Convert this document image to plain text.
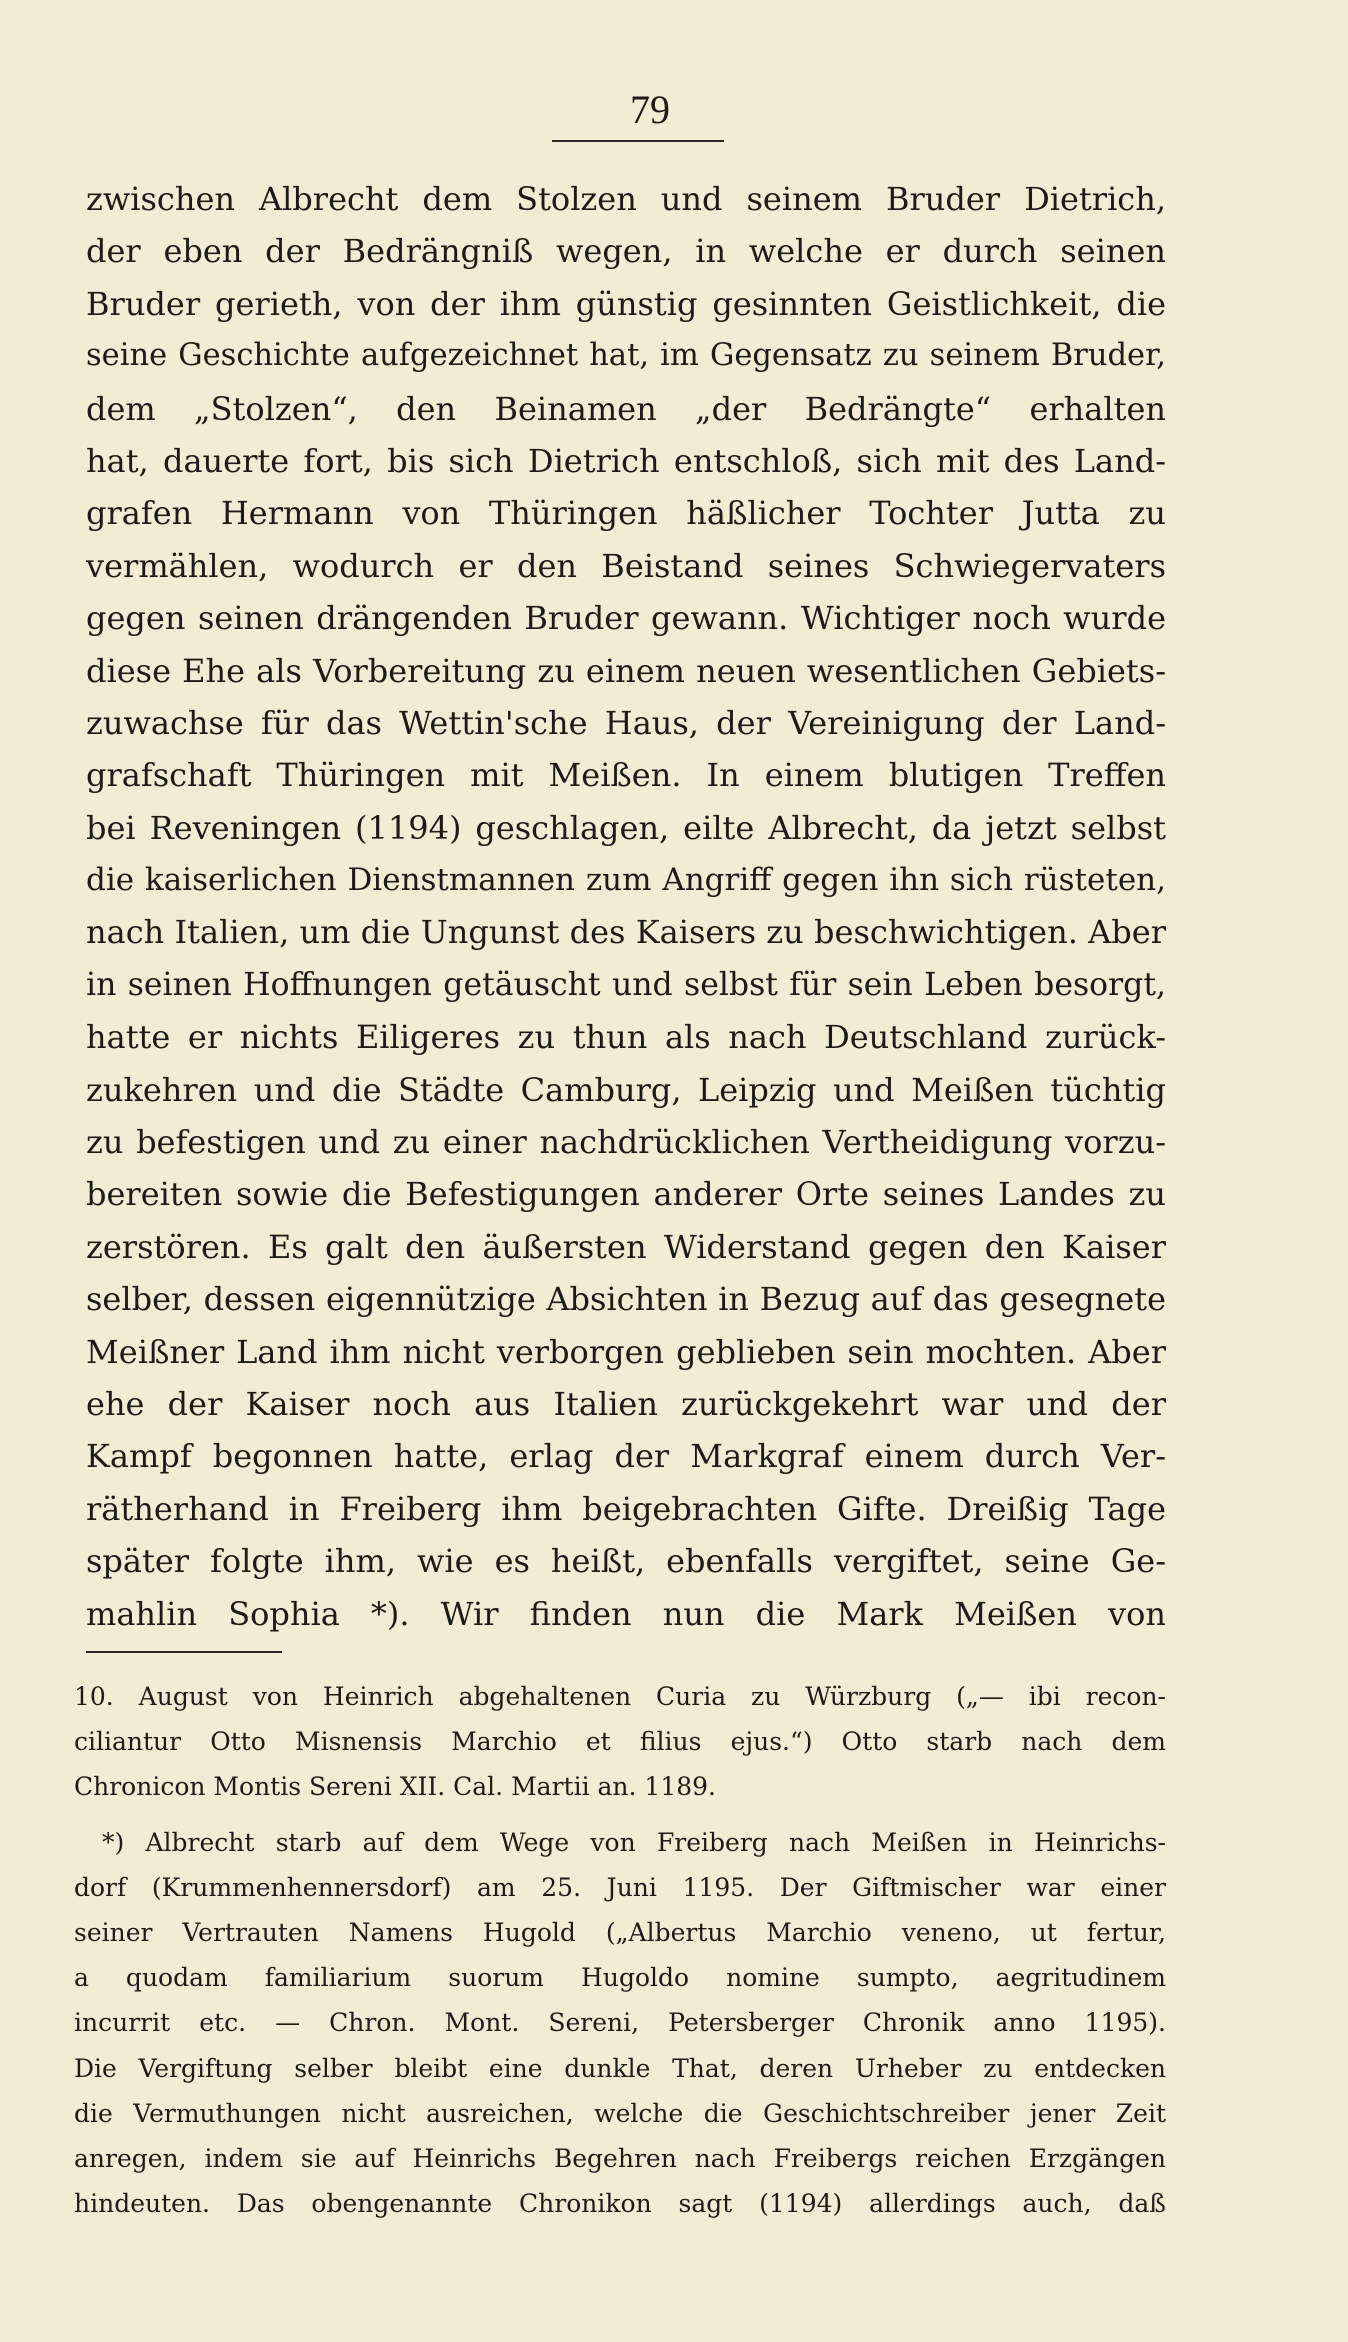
79
zwischen Albrecht dem Stolzen und seinem Bruder Dietrich,
der eben der Bedrängniß wegen, in welche er durch seinen
Bruder gerieth, von der ihm günstig gesinnten Geistlichkeit, die
seine Geschichte aufgezeichnet hat, im Gegensatz zu seinem Bruder,
dem „Stolzen“, den Beinamen „der Bedrängte“ erhalten
hat, dauerte fort, bis sich Dietrich entschloß, sich mit des Land-
grafen Hermann von Thüringen häßlicher Tochter Jutta zu
vermählen, wodurch er den Beistand seines Schwiegervaters
gegen seinen drängenden Bruder gewann. Wichtiger noch wurde
diese Ehe als Vorbereitung zu einem neuen wesentlichen Gebiets-
zuwachse für das Wettin'sche Haus, der Vereinigung der Land-
grafschaft Thüringen mit Meißen. In einem blutigen Treffen
bei Reveningen (1194) geschlagen, eilte Albrecht, da jetzt selbst
die kaiserlichen Dienstmannen zum Angriff gegen ihn sich rüsteten,
nach Italien, um die Ungunst des Kaisers zu beschwichtigen. Aber
in seinen Hoffnungen getäuscht und selbst für sein Leben besorgt,
hatte er nichts Eiligeres zu thun als nach Deutschland zurück-
zukehren und die Städte Camburg, Leipzig und Meißen tüchtig
zu befestigen und zu einer nachdrücklichen Vertheidigung vorzu-
bereiten sowie die Befestigungen anderer Orte seines Landes zu
zerstören. Es galt den äußersten Widerstand gegen den Kaiser
selber, dessen eigennützige Absichten in Bezug auf das gesegnete
Meißner Land ihm nicht verborgen geblieben sein mochten. Aber
ehe der Kaiser noch aus Italien zurückgekehrt war und der
Kampf begonnen hatte, erlag der Markgraf einem durch Ver-
rätherhand in Freiberg ihm beigebrachten Gifte. Dreißig Tage
später folgte ihm, wie es heißt, ebenfalls vergiftet, seine Ge-
mahlin Sophia *). Wir finden nun die Mark Meißen von
10. August von Heinrich abgehaltenen Curia zu Würzburg („— ibi recon-
ciliantur Otto Misnensis Marchio et filius ejus.“) Otto starb nach dem
Chronicon Montis Sereni XII. Cal. Martii an. 1189.
*) Albrecht starb auf dem Wege von Freiberg nach Meißen in Heinrichs-
dorf (Krummenhennersdorf) am 25. Juni 1195. Der Giftmischer war einer
seiner Vertrauten Namens Hugold („Albertus Marchio veneno, ut fertur,
a quodam familiarium suorum Hugoldo nomine sumpto, aegritudinem
incurrit etc. — Chron. Mont. Sereni, Petersberger Chronik anno 1195).
Die Vergiftung selber bleibt eine dunkle That, deren Urheber zu entdecken
die Vermuthungen nicht ausreichen, welche die Geschichtschreiber jener Zeit
anregen, indem sie auf Heinrichs Begehren nach Freibergs reichen Erzgängen
hindeuten. Das obengenannte Chronikon sagt (1194) allerdings auch, daß
